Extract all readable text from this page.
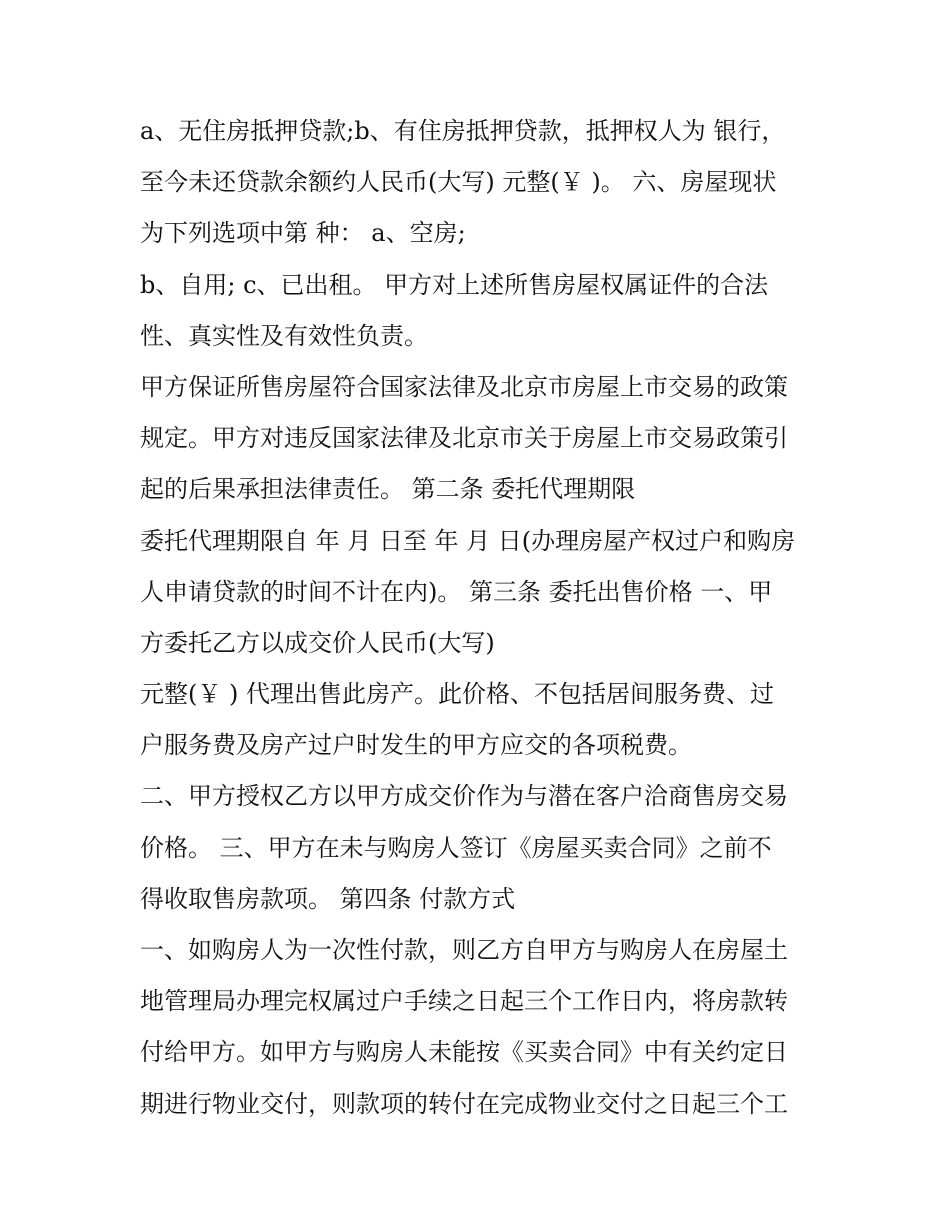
a、无住房抵押贷款;b、有住房抵押贷款，抵押权人为 银行，
至今未还贷款余额约人民币(大写) 元整(￥ )。 六、房屋现状
为下列选项中第 种： a、空房;
b、自用; c、已出租。 甲方对上述所售房屋权属证件的合法
性、真实性及有效性负责。
甲方保证所售房屋符合国家法律及北京市房屋上市交易的政策
规定。甲方对违反国家法律及北京市关于房屋上市交易政策引
起的后果承担法律责任。 第二条 委托代理期限
委托代理期限自 年 月 日至 年 月 日(办理房屋产权过户和购房
人申请贷款的时间不计在内)。 第三条 委托出售价格 一、甲
方委托乙方以成交价人民币(大写)
元整(￥ ) 代理出售此房产。此价格、不包括居间服务费、过
户服务费及房产过户时发生的甲方应交的各项税费。
二、甲方授权乙方以甲方成交价作为与潜在客户洽商售房交易
价格。 三、甲方在未与购房人签订《房屋买卖合同》之前不
得收取售房款项。 第四条 付款方式
一、如购房人为一次性付款，则乙方自甲方与购房人在房屋土
地管理局办理完权属过户手续之日起三个工作日内，将房款转
付给甲方。如甲方与购房人未能按《买卖合同》中有关约定日
期进行物业交付，则款项的转付在完成物业交付之日起三个工
